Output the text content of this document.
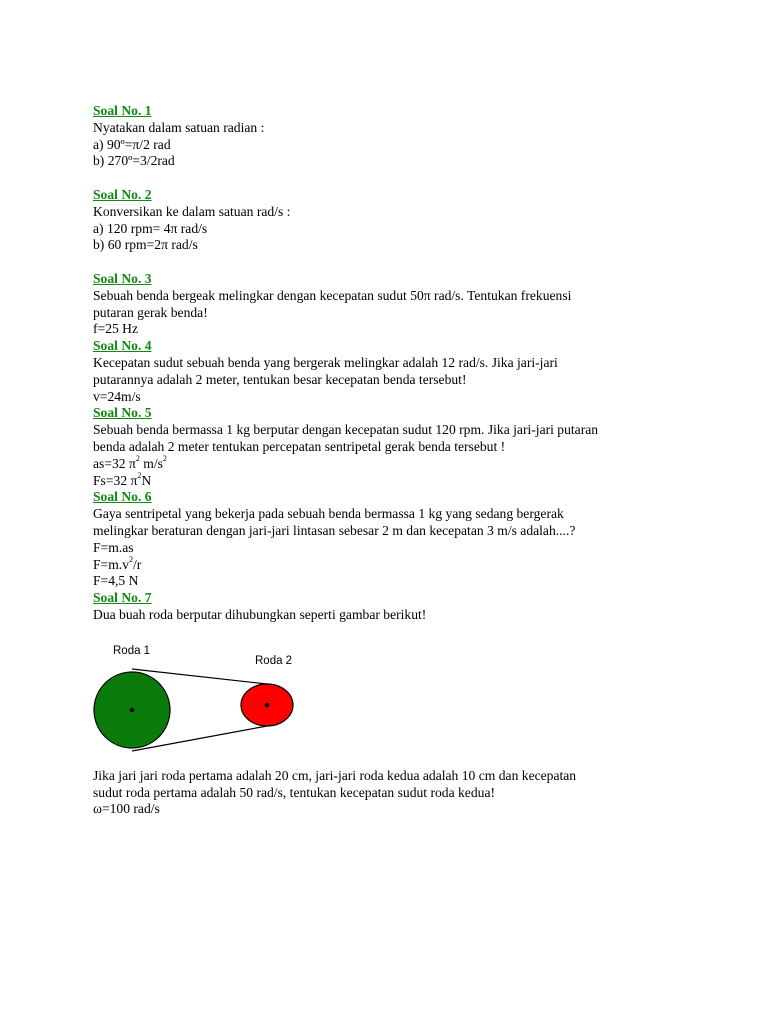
Soal No. 1
Nyatakan dalam satuan radian :
a) 90º=π/2 rad
b) 270º=3/2rad
Soal No. 2
Konversikan ke dalam satuan rad/s :
a) 120 rpm= 4π rad/s
b) 60 rpm=2π rad/s
Soal No. 3
Sebuah benda bergeak melingkar dengan kecepatan sudut 50π rad/s. Tentukan frekuensi
putaran gerak benda!
f=25 Hz
Soal No. 4
Kecepatan sudut sebuah benda yang bergerak melingkar adalah 12 rad/s. Jika jari-jari
putarannya adalah 2 meter, tentukan besar kecepatan benda tersebut!
v=24m/s
Soal No. 5
Sebuah benda bermassa 1 kg berputar dengan kecepatan sudut 120 rpm. Jika jari-jari putaran
benda adalah 2 meter tentukan percepatan sentripetal gerak benda tersebut !
as=32 $\pi^2$ $m/s^2$
Fs=32 $\pi^2N$
Soal No. 6
Gaya sentripetal yang bekerja pada sebuah benda bermassa 1 kg yang sedang bergerak
melingkar beraturan dengan jari-jari lintasan sebesar 2 m dan kecepatan 3 m/s adalah....?
F=m.as
$F=m.v^2/r$
F=4,5 N
Soal No. 7
Dua buah roda berputar dihubungkan seperti gambar berikut!
Roda 1
Roda 2
Jika jari jari roda pertama adalah 20 cm, jari-jari roda kedua adalah 10 cm dan kecepatan
sudut roda pertama adalah 50 rad/s, tentukan kecepatan sudut roda kedua!
ω=100 rad/s
